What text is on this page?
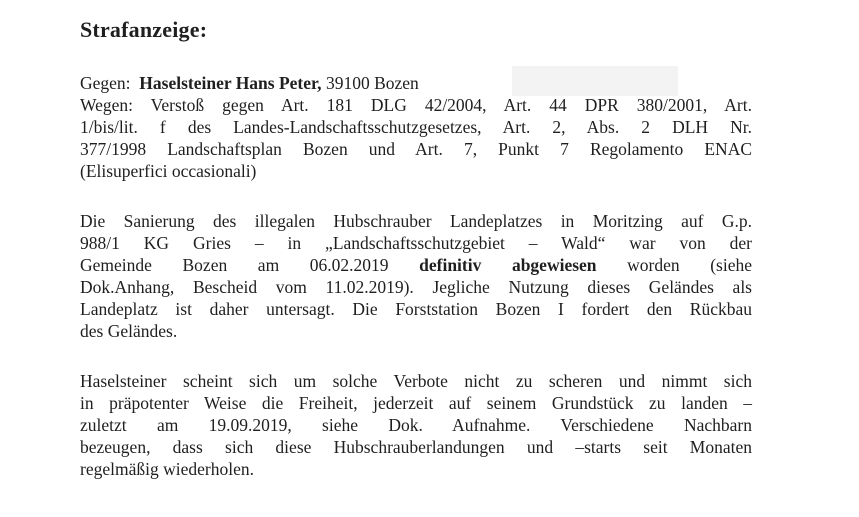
Strafanzeige:
Gegen: Haselsteiner Hans Peter, 39100 Bozen
Wegen: Verstoß gegen Art. 181 DLG 42/2004, Art. 44 DPR 380/2001, Art.
1/bis/lit. f des Landes-Landschaftsschutzgesetzes, Art. 2, Abs. 2 DLH Nr.
377/1998 Landschaftsplan Bozen und Art. 7, Punkt 7 Regolamento ENAC
(Elisuperfici occasionali)
Die Sanierung des illegalen Hubschrauber Landeplatzes in Moritzing auf G.p.
988/1 KG Gries – in „Landschaftsschutzgebiet – Wald“ war von der
Gemeinde Bozen am 06.02.2019 definitiv abgewiesen worden (siehe
Dok.Anhang, Bescheid vom 11.02.2019). Jegliche Nutzung dieses Geländes als
Landeplatz ist daher untersagt. Die Forststation Bozen I fordert den Rückbau
des Geländes.
Haselsteiner scheint sich um solche Verbote nicht zu scheren und nimmt sich
in präpotenter Weise die Freiheit, jederzeit auf seinem Grundstück zu landen –
zuletzt am 19.09.2019, siehe Dok. Aufnahme. Verschiedene Nachbarn
bezeugen, dass sich diese Hubschrauberlandungen und –starts seit Monaten
regelmäßig wiederholen.
